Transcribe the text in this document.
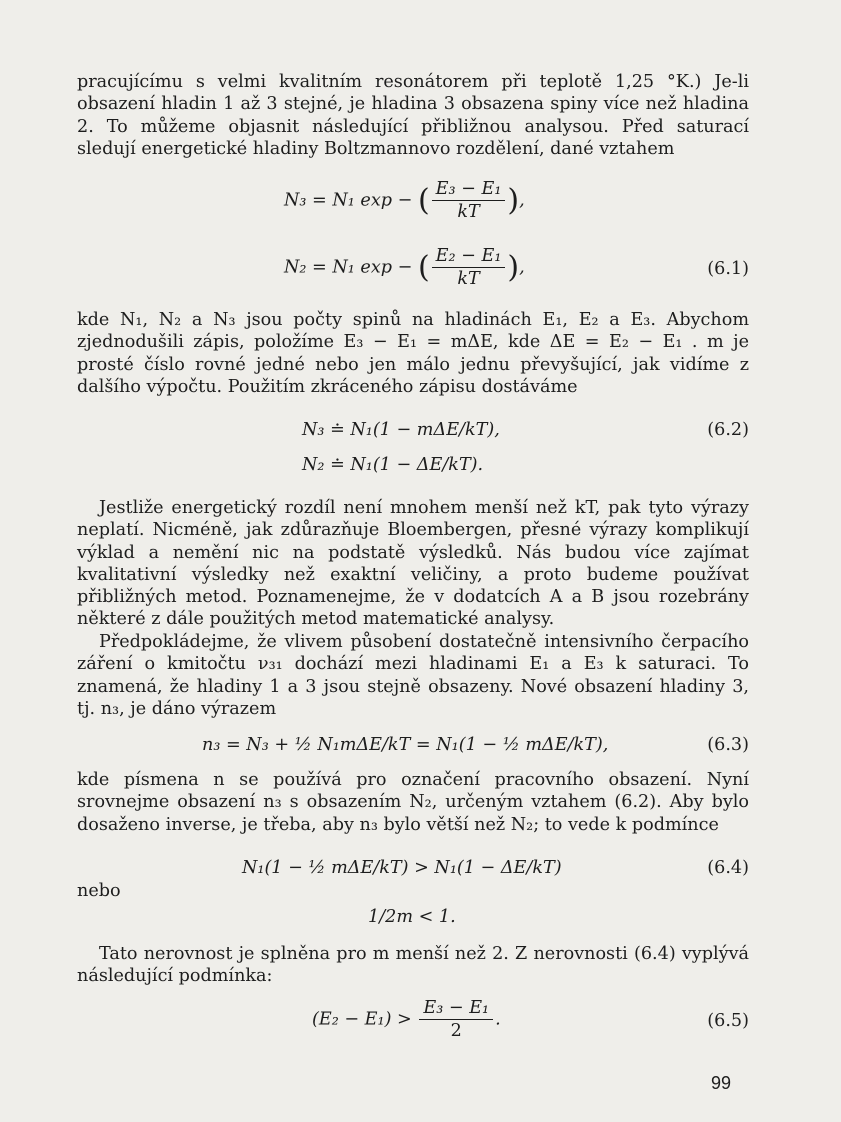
pracujícímu s velmi kvalitním resonátorem při teplotě 1,25 °K.) Je-li obsazení hladin 1 až 3 stejné, je hladina 3 obsazena spiny více než hladina 2. To můžeme objasnit následující přibližnou analysou. Před saturací sledují energetické hladiny Boltzmannovo rozdělení, dané vztahem

N₃ = N₁ exp − ( $\frac{\text{E₃ − E₁}}{kT}$ ),
N₂ = N₁ exp − ( $\frac{\text{E₂ − E₁}}{kT}$ ),	(6.1)

kde N₁, N₂ a N₃ jsou počty spinů na hladinách E₁, E₂ a E₃. Abychom zjednodušili zápis, položíme E₃ − E₁ = mΔE, kde ΔE = E₂ − E₁ . m je prosté číslo rovné jedné nebo jen málo jednu převyšující, jak vidíme z dalšího výpočtu. Použitím zkráceného zápisu dostáváme

N₃ ≐ N₁(1 − mΔE/kT),	(6.2)
N₂ ≐ N₁(1 − ΔE/kT).

Jestliže energetický rozdíl není mnohem menší než kT, pak tyto výrazy neplatí. Nicméně, jak zdůrazňuje Bloembergen, přesné výrazy komplikují výklad a nemění nic na podstatě výsledků. Nás budou více zajímat kvalitativní výsledky než exaktní veličiny, a proto budeme používat přibližných metod. Poznamenejme, že v dodatcích A a B jsou rozebrány některé z dále použitých metod matematické analysy.

Předpokládejme, že vlivem působení dostatečně intensivního čerpacího záření o kmitočtu ν₃₁ dochází mezi hladinami E₁ a E₃ k saturaci. To znamená, že hladiny 1 a 3 jsou stejně obsazeny. Nové obsazení hladiny 3, tj. n₃, je dáno výrazem

n₃ = N₃ + ½ N₁mΔE/kT = N₁(1 − ½ mΔE/kT),	(6.3)

kde písmena n se používá pro označení pracovního obsazení. Nyní srovnejme obsazení n₃ s obsazením N₂, určeným vztahem (6.2). Aby bylo dosaženo inverse, je třeba, aby n₃ bylo větší než N₂; to vede k podmínce

N₁(1 − ½ mΔE/kT) > N₁(1 − ΔE/kT)	(6.4)

nebo

1/2m < 1.

Tato nerovnost je splněna pro m menší než 2. Z nerovnosti (6.4) vyplývá následující podmínka:

$(E_2 - E_1) > \frac{\text{E₃ − E₁}}{2}$ .	(6.5)
99
